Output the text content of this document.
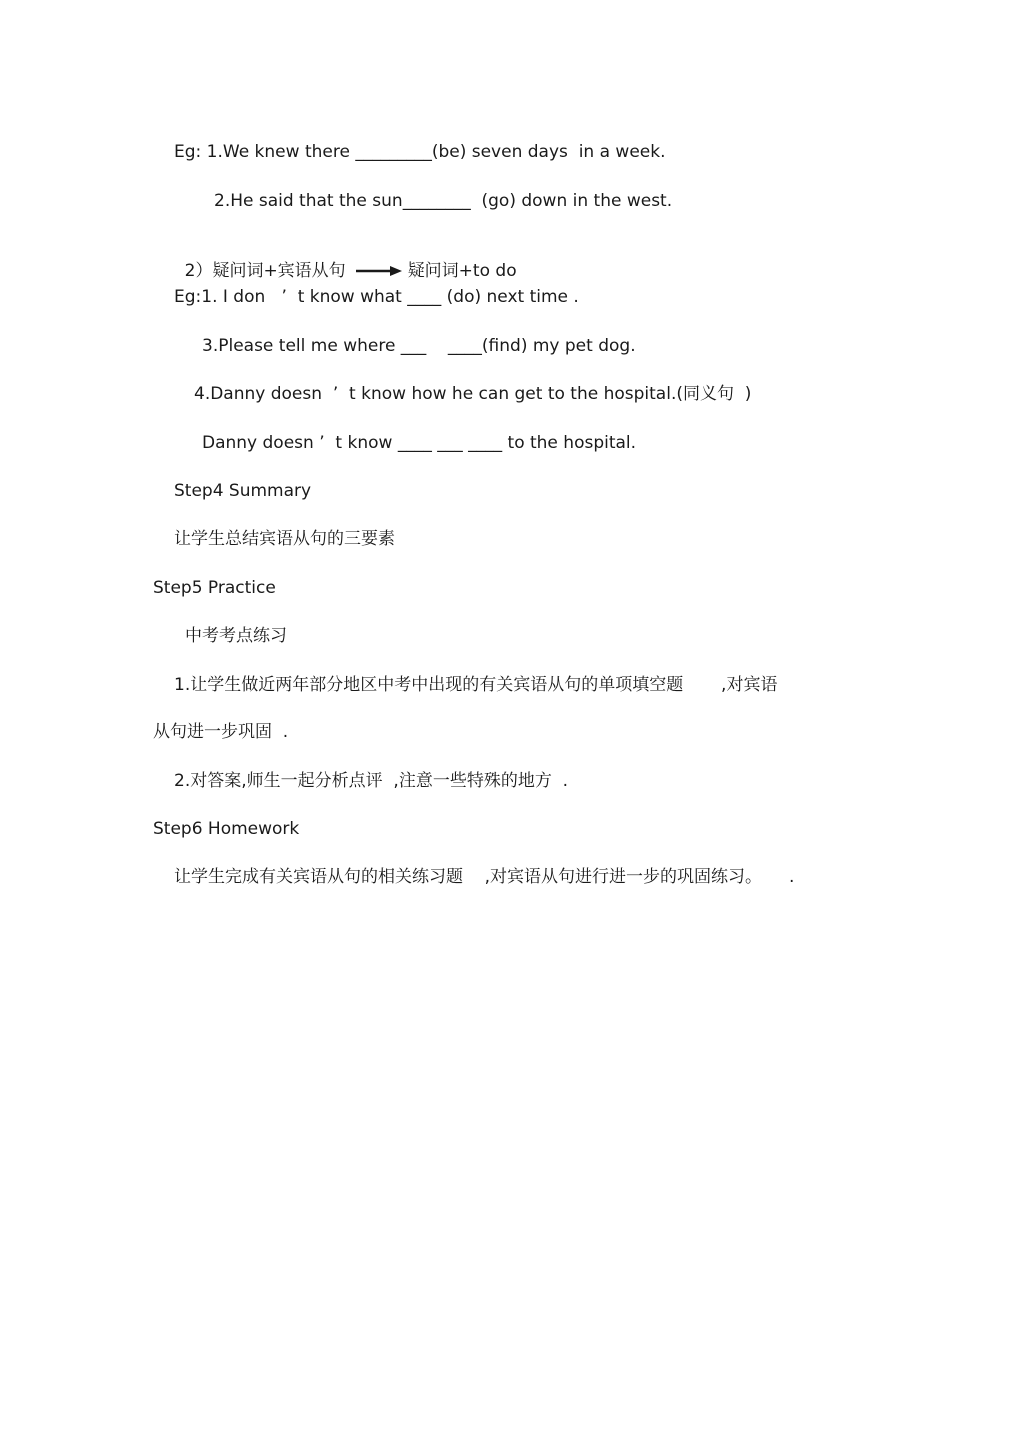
Eg: 1.We knew there _________(be) seven days  in a week.
2.He said that the sun________  (go) down in the west.

2）疑问词+宾语从句	疑问词+to do

Eg:1. I don   ’  t know what ____ (do) next time .
3.Please tell me where ___    ____(find) my pet dog.
4.Danny doesn  ’  t know how he can get to the hospital.(同义句  )
Danny doesn ’  t know ____ ___ ____ to the hospital.
Step4 Summary
让学生总结宾语从句的三要素
Step5 Practice
中考考点练习
1.让学生做近两年部分地区中考中出现的有关宾语从句的单项填空题       ,对宾语
从句进一步巩固  .
2.对答案,师生一起分析点评  ,注意一些特殊的地方  .
Step6 Homework
让学生完成有关宾语从句的相关练习题    ,对宾语从句进行进一步的巩固练习。     .
